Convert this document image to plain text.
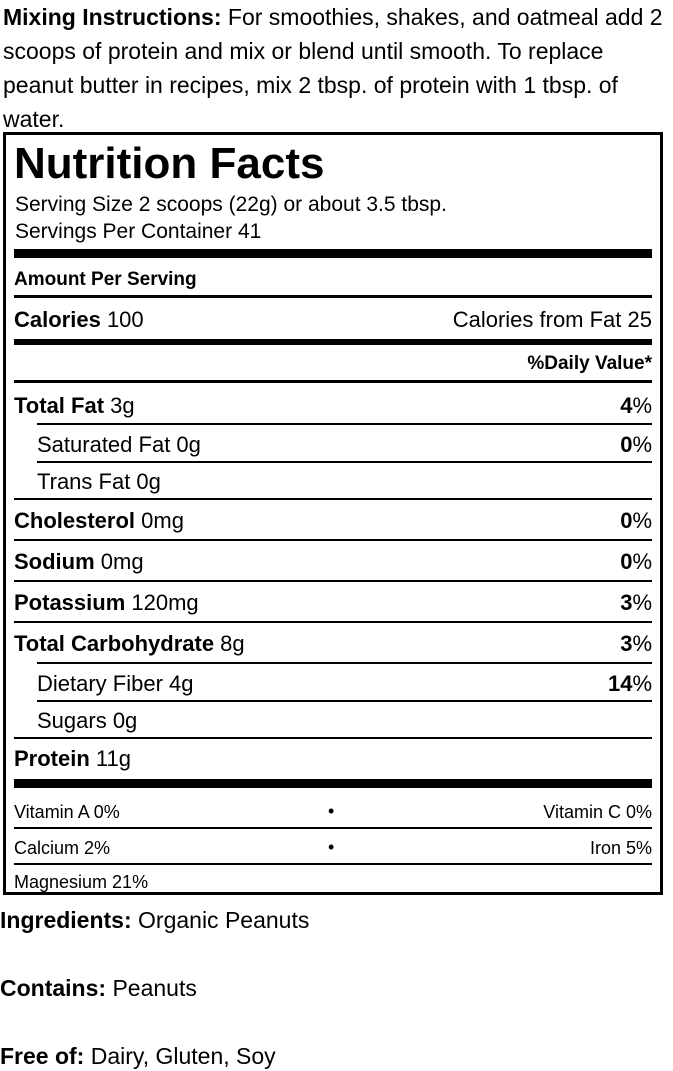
Mixing Instructions: For smoothies, shakes, and oatmeal add 2 scoops of protein and mix or blend until smooth. To replace peanut butter in recipes, mix 2 tbsp. of protein with 1 tbsp. of water.
Nutrition Facts
Serving Size 2 scoops (22g) or about 3.5 tbsp.
Servings Per Container 41
Amount Per Serving
Calories 100	Calories from Fat 25
%Daily Value*
Total Fat 3g	4%
Saturated Fat 0g	0%
Trans Fat 0g
Cholesterol 0mg	0%
Sodium 0mg	0%
Potassium 120mg	3%
Total Carbohydrate 8g	3%
Dietary Fiber 4g	14%
Sugars 0g
Protein 11g
Vitamin A 0%	Vitamin C 0%
•
Calcium 2%	Iron 5%
•
Magnesium 21%
Ingredients: Organic Peanuts
Contains: Peanuts
Free of: Dairy, Gluten, Soy
